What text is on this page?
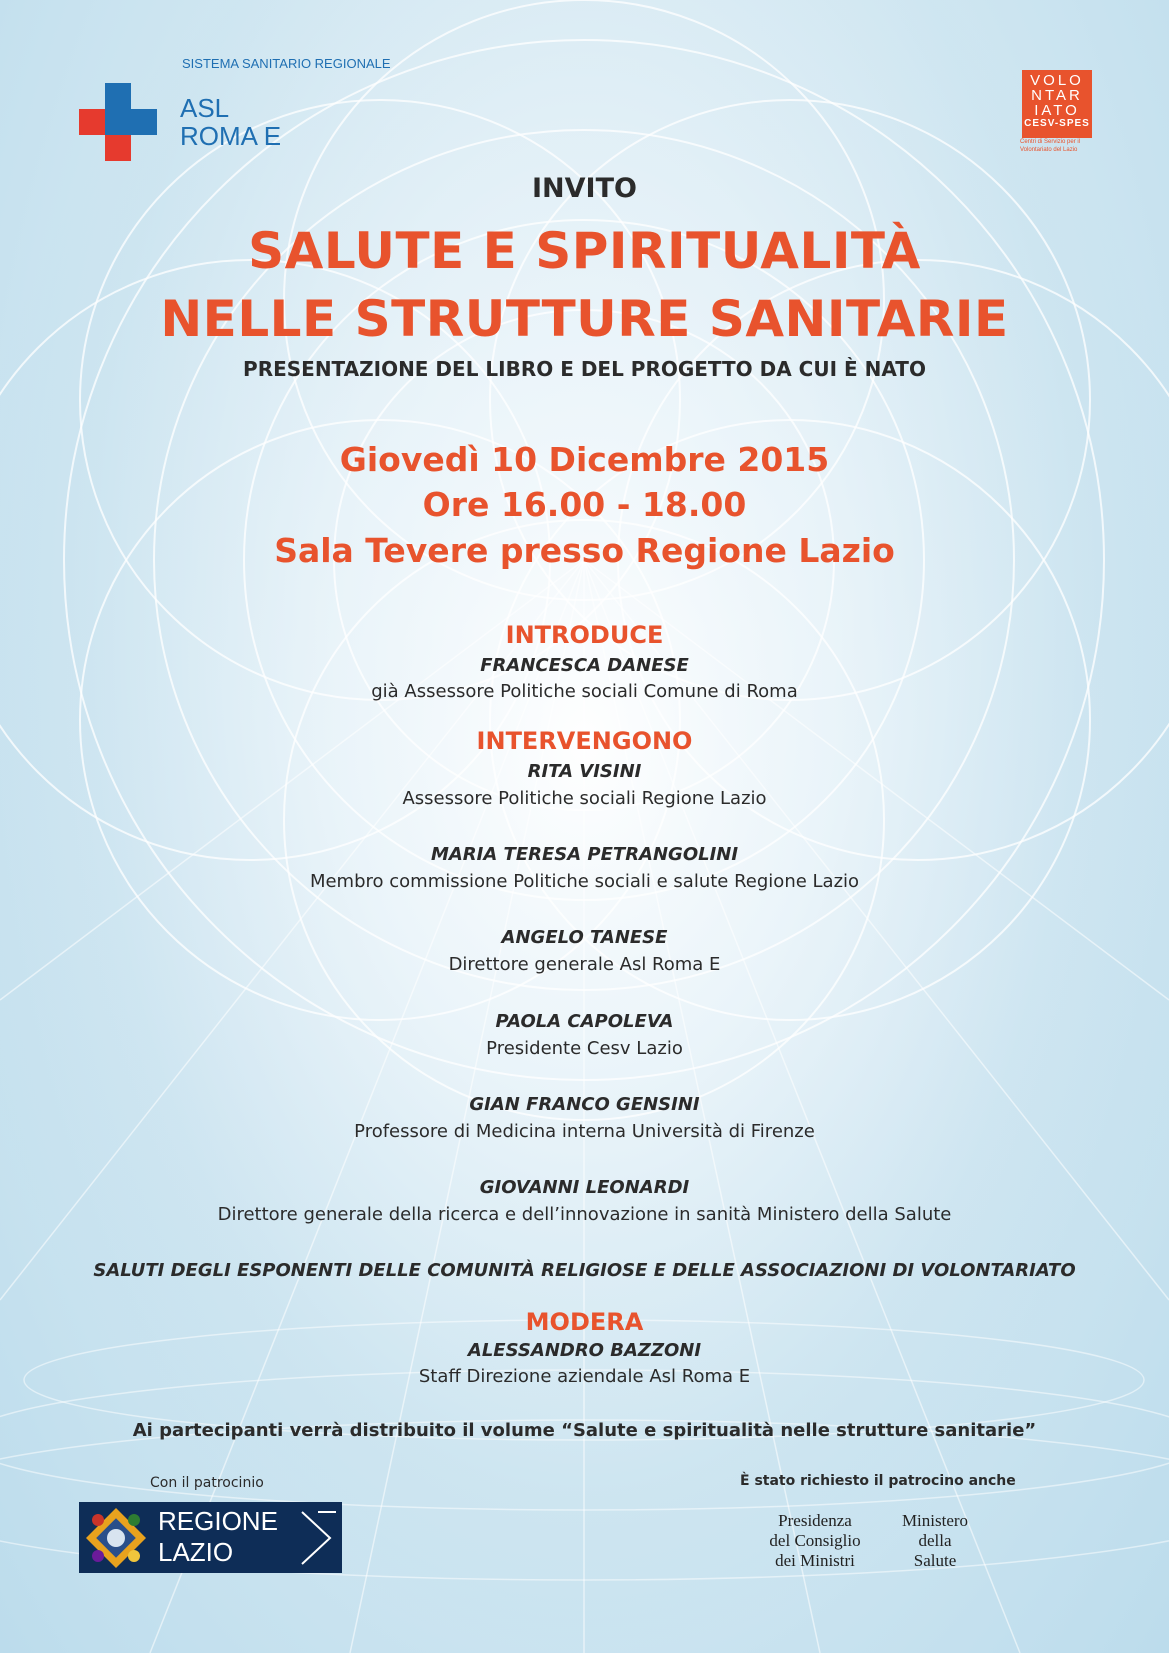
SISTEMA SANITARIO REGIONALE
ASL
ROMA E
VOLO
NTAR
IATO
CESV-SPES
Centri di Servizio per il Volontariato del Lazio
INVITO
SALUTE E SPIRITUALITÀ
NELLE STRUTTURE SANITARIE
PRESENTAZIONE DEL LIBRO E DEL PROGETTO DA CUI È NATO
Giovedì 10 Dicembre 2015
Ore 16.00 - 18.00
Sala Tevere presso Regione Lazio
INTRODUCE
FRANCESCA DANESE
già Assessore Politiche sociali Comune di Roma
INTERVENGONO
RITA VISINI
Assessore Politiche sociali Regione Lazio
MARIA TERESA PETRANGOLINI
Membro commissione Politiche sociali e salute Regione Lazio
ANGELO TANESE
Direttore generale Asl Roma E
PAOLA CAPOLEVA
Presidente Cesv Lazio
GIAN FRANCO GENSINI
Professore di Medicina interna Università di Firenze
GIOVANNI LEONARDI
Direttore generale della ricerca e dell’innovazione in sanità Ministero della Salute
SALUTI DEGLI ESPONENTI DELLE COMUNITÀ RELIGIOSE E DELLE ASSOCIAZIONI DI VOLONTARIATO
MODERA
ALESSANDRO BAZZONI
Staff Direzione aziendale Asl Roma E
Ai partecipanti verrà distribuito il volume “Salute e spiritualità nelle strutture sanitarie”
Con il patrocinio	È stato richiesto il patrocino anche
REGIONE
LAZIO
Presidenza
del Consiglio
dei Ministri
Ministero
della
Salute
